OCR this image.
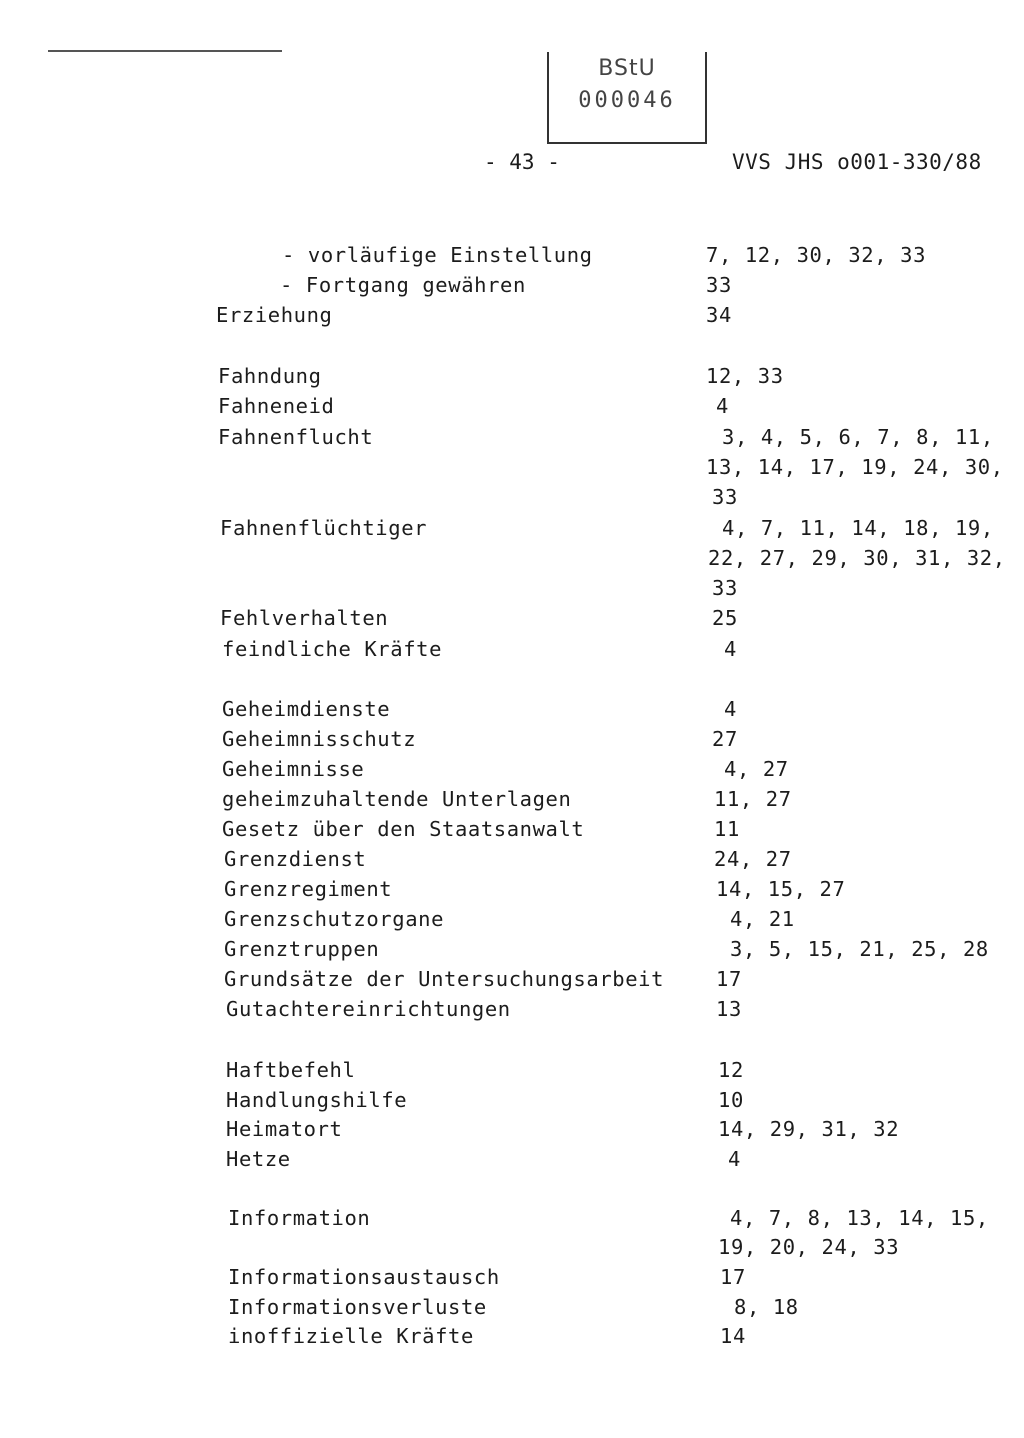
BStU
000046
- 43 -	VVS JHS o001-330/88
- vorläufige Einstellung	7, 12, 30, 32, 33
- Fortgang gewähren	33
Erziehung	34
Fahndung	12, 33
Fahneneid	4
Fahnenflucht	3, 4, 5, 6, 7, 8, 11,
13, 14, 17, 19, 24, 30,
33
Fahnenflüchtiger	4, 7, 11, 14, 18, 19,
22, 27, 29, 30, 31, 32,
33
Fehlverhalten	25
feindliche Kräfte	4
Geheimdienste	4
Geheimnisschutz	27
Geheimnisse	4, 27
geheimzuhaltende Unterlagen	11, 27
Gesetz über den Staatsanwalt	11
Grenzdienst	24, 27
Grenzregiment	14, 15, 27
Grenzschutzorgane	4, 21
Grenztruppen	3, 5, 15, 21, 25, 28
Grundsätze der Untersuchungsarbeit	17
Gutachtereinrichtungen	13
Haftbefehl	12
Handlungshilfe	10
Heimatort	14, 29, 31, 32
Hetze	4
Information	4, 7, 8, 13, 14, 15,
19, 20, 24, 33
Informationsaustausch	17
Informationsverluste	8, 18
inoffizielle Kräfte	14
